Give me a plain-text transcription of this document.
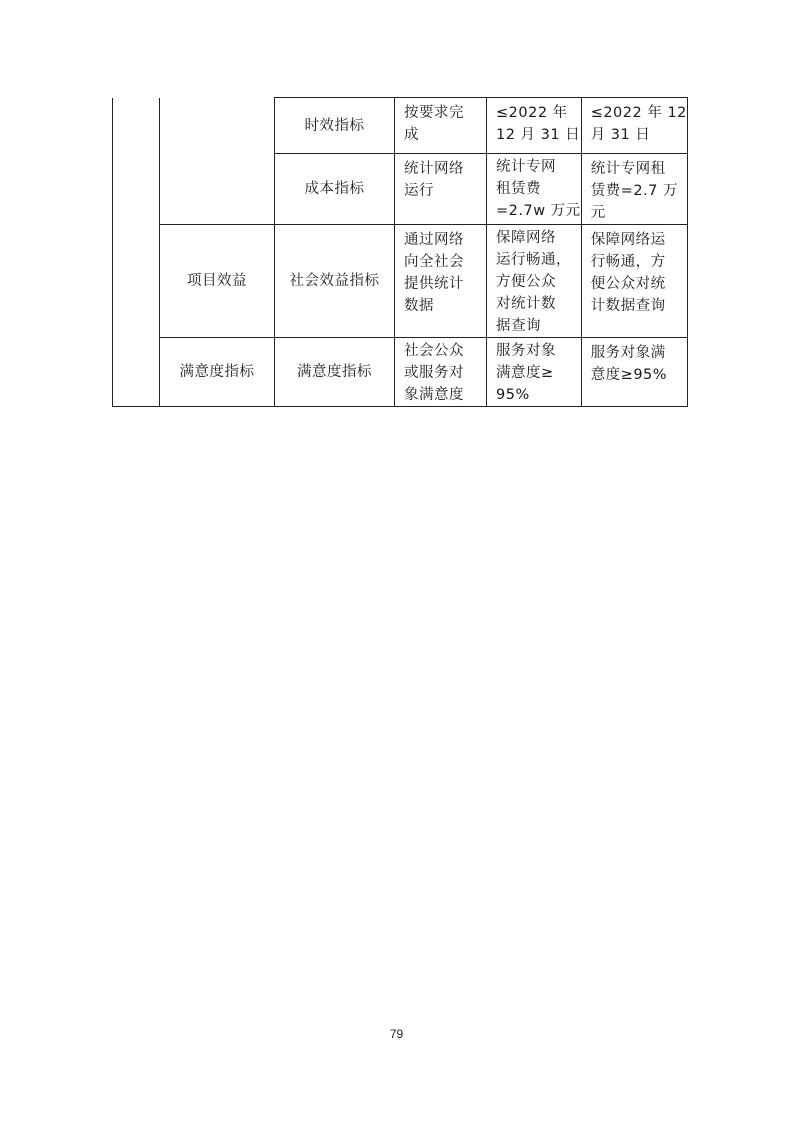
		时效指标	按要求完
成	≤2022 年
12 月 31 日	≤2022 年 12
月 31 日

		成本指标	统计网络
运行	统计专网
租赁费
=2.7w 万元	统计专网租
赁费=2.7 万
元

	项目效益	社会效益指标	通过网络
向全社会
提供统计
数据	保障网络
运行畅通，
方便公众
对统计数
据查询	保障网络运
行畅通，方
便公众对统
计数据查询

	满意度指标	满意度指标	社会公众
或服务对
象满意度	服务对象
满意度≥
95%	服务对象满
意度≥95%
79
